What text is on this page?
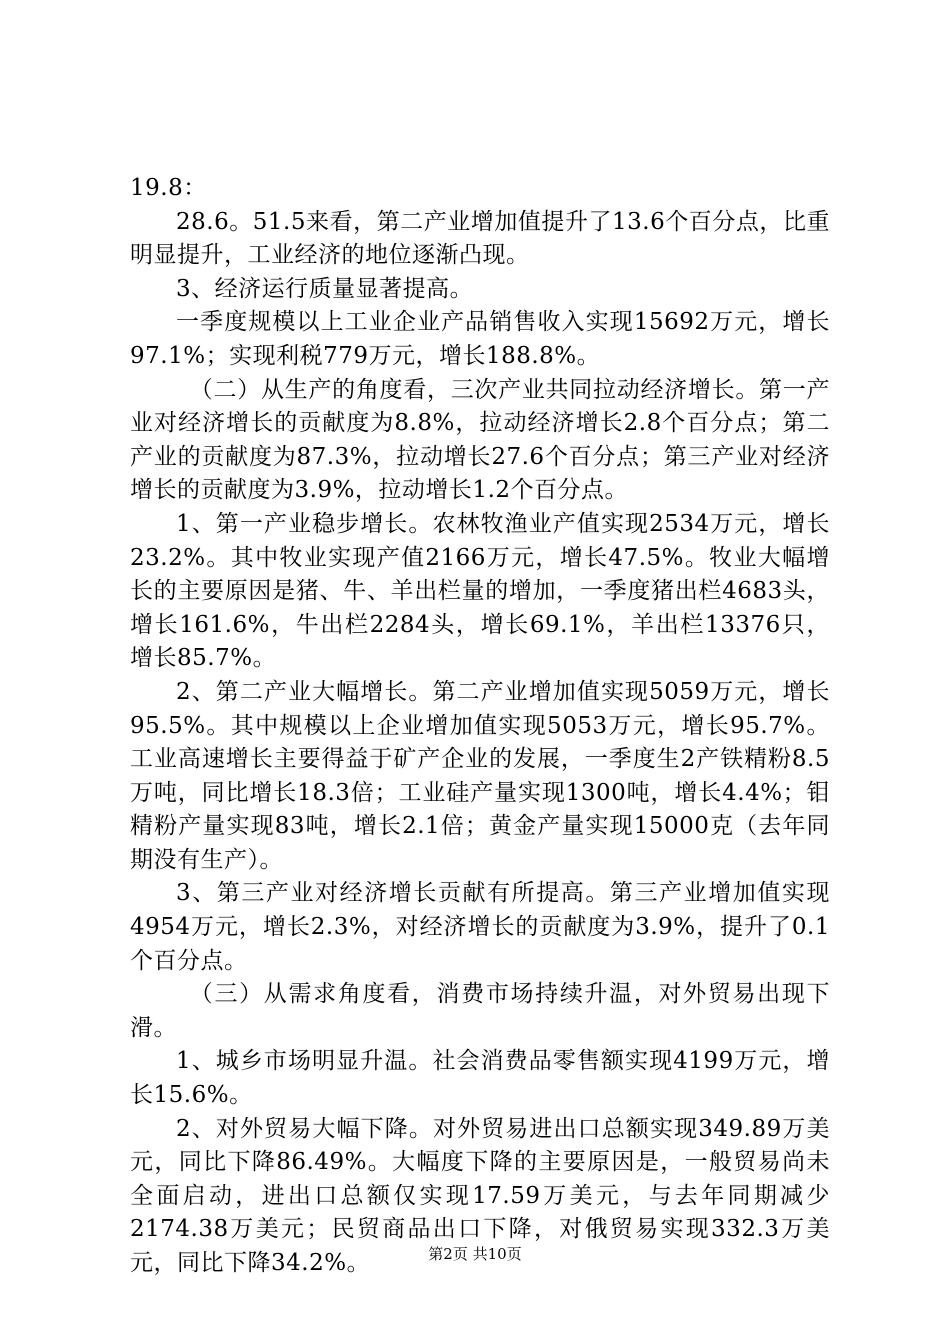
19.8：

28.6。51.5来看，第二产业增加值提升了13.6个百分点，比重明显提升，工业经济的地位逐渐凸现。

3、经济运行质量显著提高。

一季度规模以上工业企业产品销售收入实现15692万元，增长97.1%；实现利税779万元，增长188.8%。

（二）从生产的角度看，三次产业共同拉动经济增长。第一产业对经济增长的贡献度为8.8%，拉动经济增长2.8个百分点；第二产业的贡献度为87.3%，拉动增长27.6个百分点；第三产业对经济增长的贡献度为3.9%，拉动增长1.2个百分点。

1、第一产业稳步增长。农林牧渔业产值实现2534万元，增长23.2%。其中牧业实现产值2166万元，增长47.5%。牧业大幅增长的主要原因是猪、牛、羊出栏量的增加，一季度猪出栏4683头，增长161.6%，牛出栏2284头，增长69.1%，羊出栏13376只，增长85.7%。

2、第二产业大幅增长。第二产业增加值实现5059万元，增长95.5%。其中规模以上企业增加值实现5053万元，增长95.7%。工业高速增长主要得益于矿产企业的发展，一季度生2产铁精粉8.5万吨，同比增长18.3倍；工业硅产量实现1300吨，增长4.4%；钼精粉产量实现83吨，增长2.1倍；黄金产量实现15000克（去年同期没有生产）。

3、第三产业对经济增长贡献有所提高。第三产业增加值实现4954万元，增长2.3%，对经济增长的贡献度为3.9%，提升了0.1个百分点。

（三）从需求角度看，消费市场持续升温，对外贸易出现下滑。

1、城乡市场明显升温。社会消费品零售额实现4199万元，增长15.6%。

2、对外贸易大幅下降。对外贸易进出口总额实现349.89万美元，同比下降86.49%。大幅度下降的主要原因是，一般贸易尚未全面启动，进出口总额仅实现17.59万美元，与去年同期减少2174.38万美元；民贸商品出口下降，对俄贸易实现332.3万美元，同比下降34.2%。	第2页 共10页
